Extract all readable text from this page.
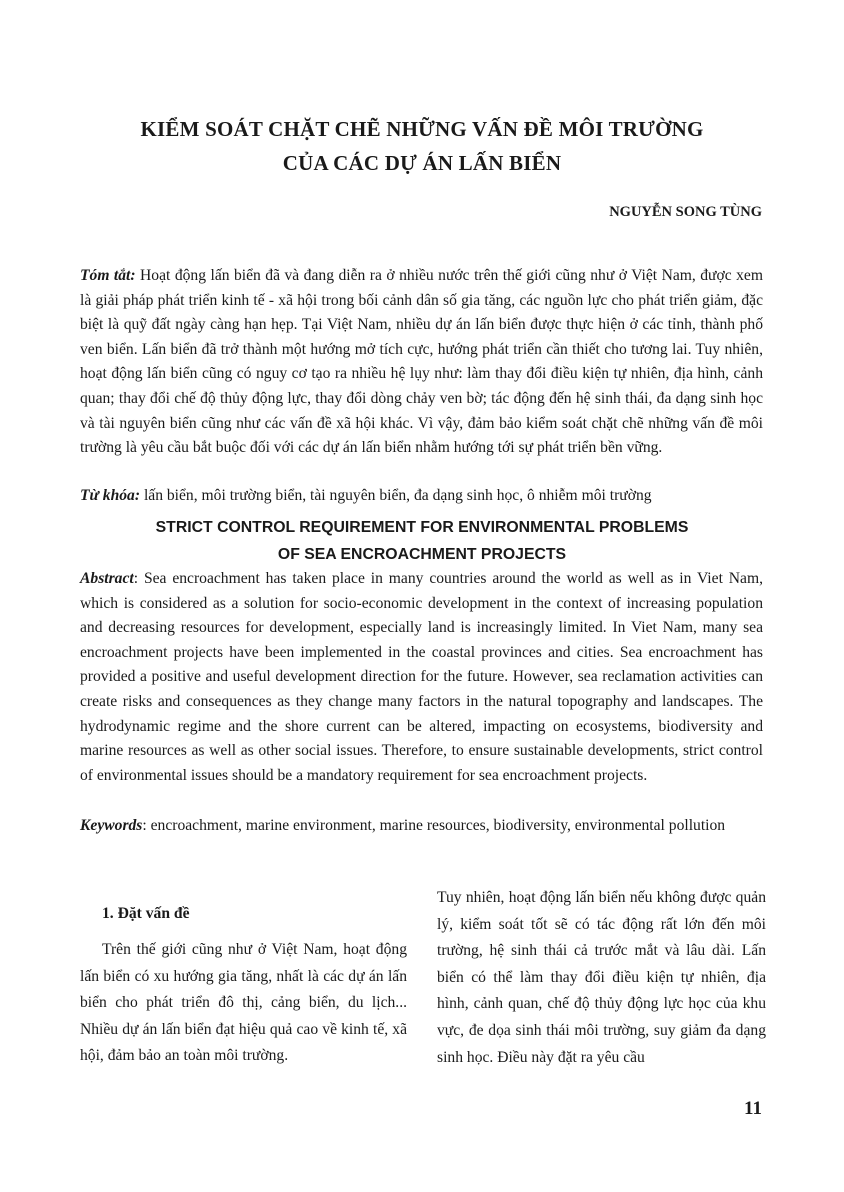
KIỂM SOÁT CHẶT CHẼ NHỮNG VẤN ĐỀ MÔI TRƯỜNG
CỦA CÁC DỰ ÁN LẤN BIỂN
NGUYỄN SONG TÙNG

Tóm tắt: Hoạt động lấn biển đã và đang diễn ra ở nhiều nước trên thế giới cũng như ở Việt Nam, được xem là giải pháp phát triển kinh tế - xã hội trong bối cảnh dân số gia tăng, các nguồn lực cho phát triển giảm, đặc biệt là quỹ đất ngày càng hạn hẹp. Tại Việt Nam, nhiều dự án lấn biển được thực hiện ở các tỉnh, thành phố ven biển. Lấn biển đã trở thành một hướng mở tích cực, hướng phát triển cần thiết cho tương lai. Tuy nhiên, hoạt động lấn biển cũng có nguy cơ tạo ra nhiều hệ lụy như: làm thay đổi điều kiện tự nhiên, địa hình, cảnh quan; thay đổi chế độ thủy động lực, thay đổi dòng chảy ven bờ; tác động đến hệ sinh thái, đa dạng sinh học và tài nguyên biển cũng như các vấn đề xã hội khác. Vì vậy, đảm bảo kiểm soát chặt chẽ những vấn đề môi trường là yêu cầu bắt buộc đối với các dự án lấn biển nhằm hướng tới sự phát triển bền vững.

Từ khóa: lấn biển, môi trường biển, tài nguyên biển, đa dạng sinh học, ô nhiễm môi trường

STRICT CONTROL REQUIREMENT FOR ENVIRONMENTAL PROBLEMS
OF SEA ENCROACHMENT PROJECTS

Abstract: Sea encroachment has taken place in many countries around the world as well as in Viet Nam, which is considered as a solution for socio-economic development in the context of increasing population and decreasing resources for development, especially land is increasingly limited. In Viet Nam, many sea encroachment projects have been implemented in the coastal provinces and cities. Sea encroachment has provided a positive and useful development direction for the future. However, sea reclamation activities can create risks and consequences as they change many factors in the natural topography and landscapes. The hydrodynamic regime and the shore current can be altered, impacting on ecosystems, biodiversity and marine resources as well as other social issues. Therefore, to ensure sustainable developments, strict control of environmental issues should be a mandatory requirement for sea encroachment projects.

Keywords: encroachment, marine environment, marine resources, biodiversity, environmental pollution

1. Đặt vấn đề

Trên thế giới cũng như ở Việt Nam, hoạt động lấn biển có xu hướng gia tăng, nhất là các dự án lấn biển cho phát triển đô thị, cảng biển, du lịch... Nhiều dự án lấn biển đạt hiệu quả cao về kinh tế, xã hội, đảm bảo an toàn môi trường.

Tuy nhiên, hoạt động lấn biển nếu không được quản lý, kiểm soát tốt sẽ có tác động rất lớn đến môi trường, hệ sinh thái cả trước mắt và lâu dài. Lấn biển có thể làm thay đổi điều kiện tự nhiên, địa hình, cảnh quan, chế độ thủy động lực học của khu vực, đe dọa sinh thái môi trường, suy giảm đa dạng sinh học. Điều này đặt ra yêu cầu

11
